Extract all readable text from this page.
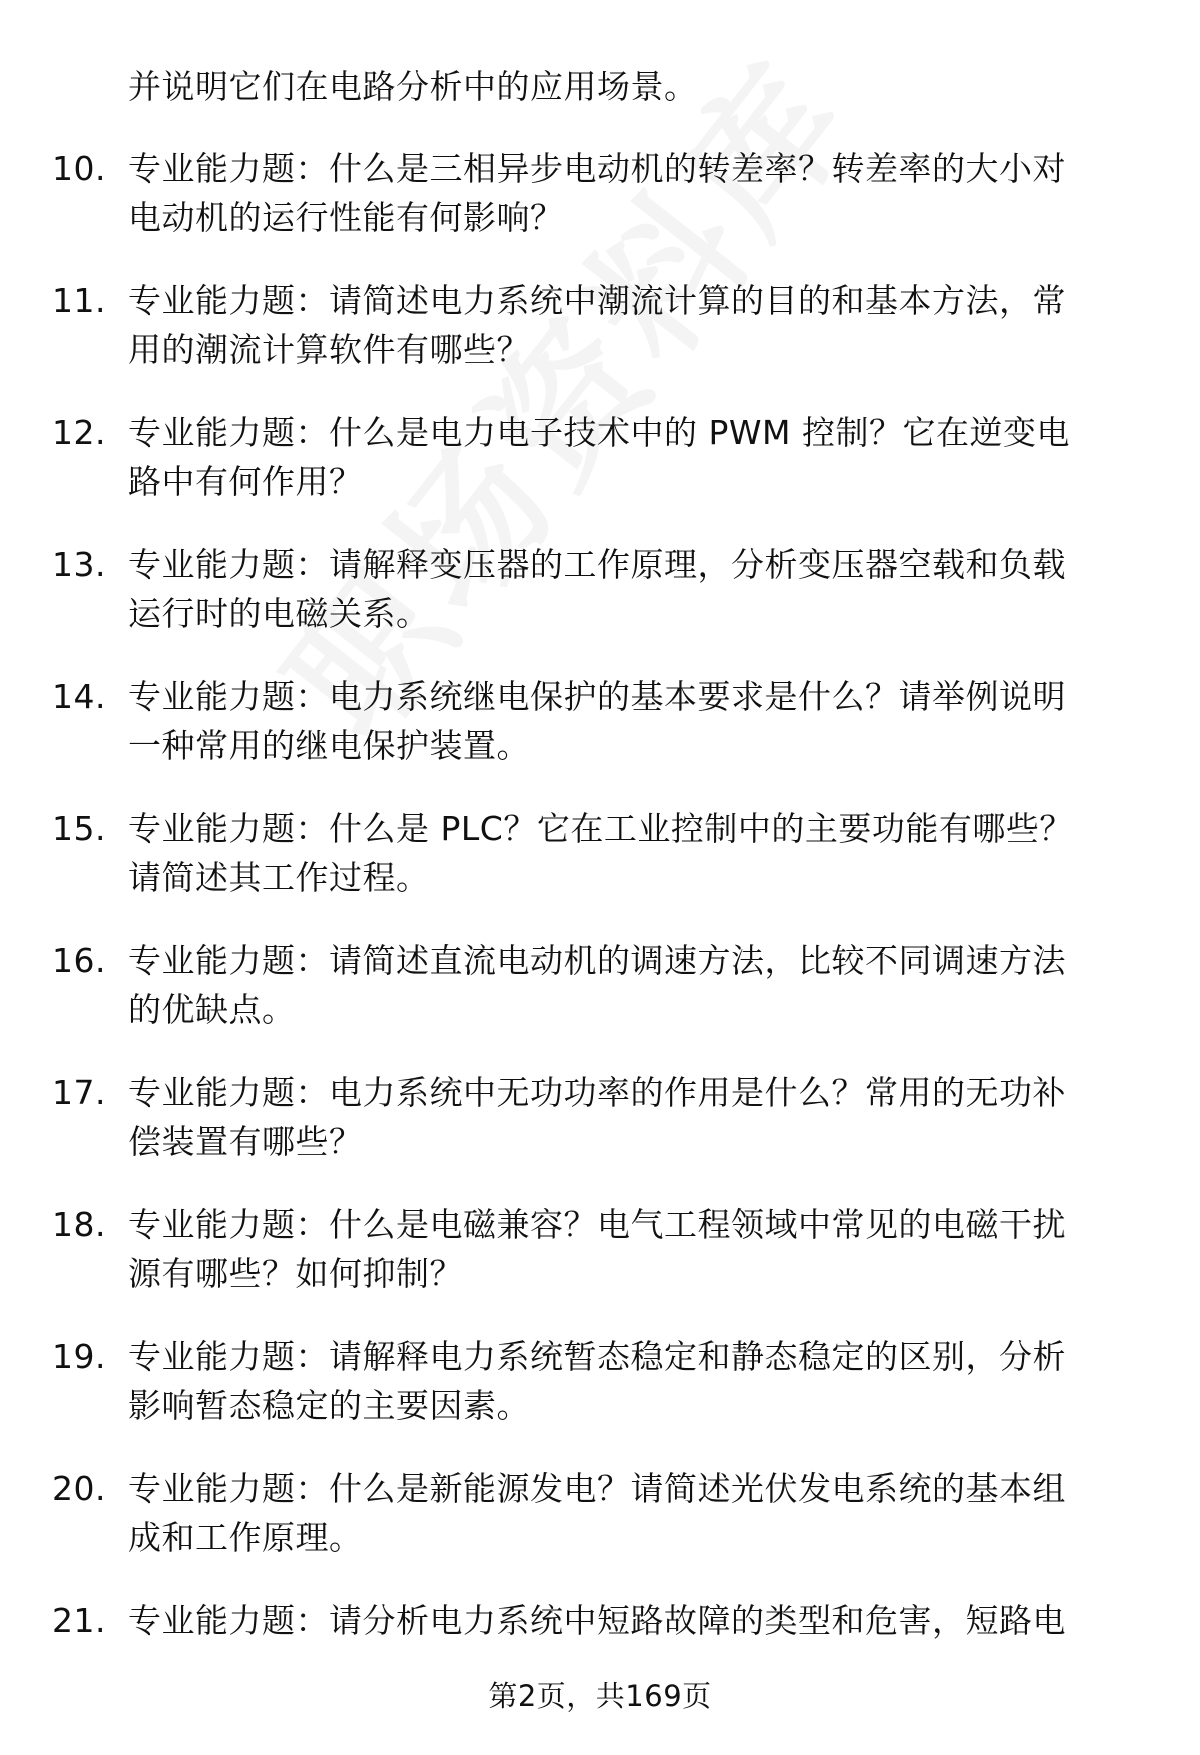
并说明它们在电路分析中的应用场景。
10. 专业能力题：什么是三相异步电动机的转差率？转差率的大小对
电动机的运行性能有何影响？
11. 专业能力题：请简述电力系统中潮流计算的目的和基本方法，常
用的潮流计算软件有哪些？
12. 专业能力题：什么是电力电子技术中的 PWM 控制？它在逆变电
路中有何作用？
13. 专业能力题：请解释变压器的工作原理，分析变压器空载和负载
运行时的电磁关系。
14. 专业能力题：电力系统继电保护的基本要求是什么？请举例说明
一种常用的继电保护装置。
15. 专业能力题：什么是 PLC？它在工业控制中的主要功能有哪些？
请简述其工作过程。
16. 专业能力题：请简述直流电动机的调速方法，比较不同调速方法
的优缺点。
17. 专业能力题：电力系统中无功功率的作用是什么？常用的无功补
偿装置有哪些？
18. 专业能力题：什么是电磁兼容？电气工程领域中常见的电磁干扰
源有哪些？如何抑制？
19. 专业能力题：请解释电力系统暂态稳定和静态稳定的区别，分析
影响暂态稳定的主要因素。
20. 专业能力题：什么是新能源发电？请简述光伏发电系统的基本组
成和工作原理。
21. 专业能力题：请分析电力系统中短路故障的类型和危害，短路电
第2页，共169页
